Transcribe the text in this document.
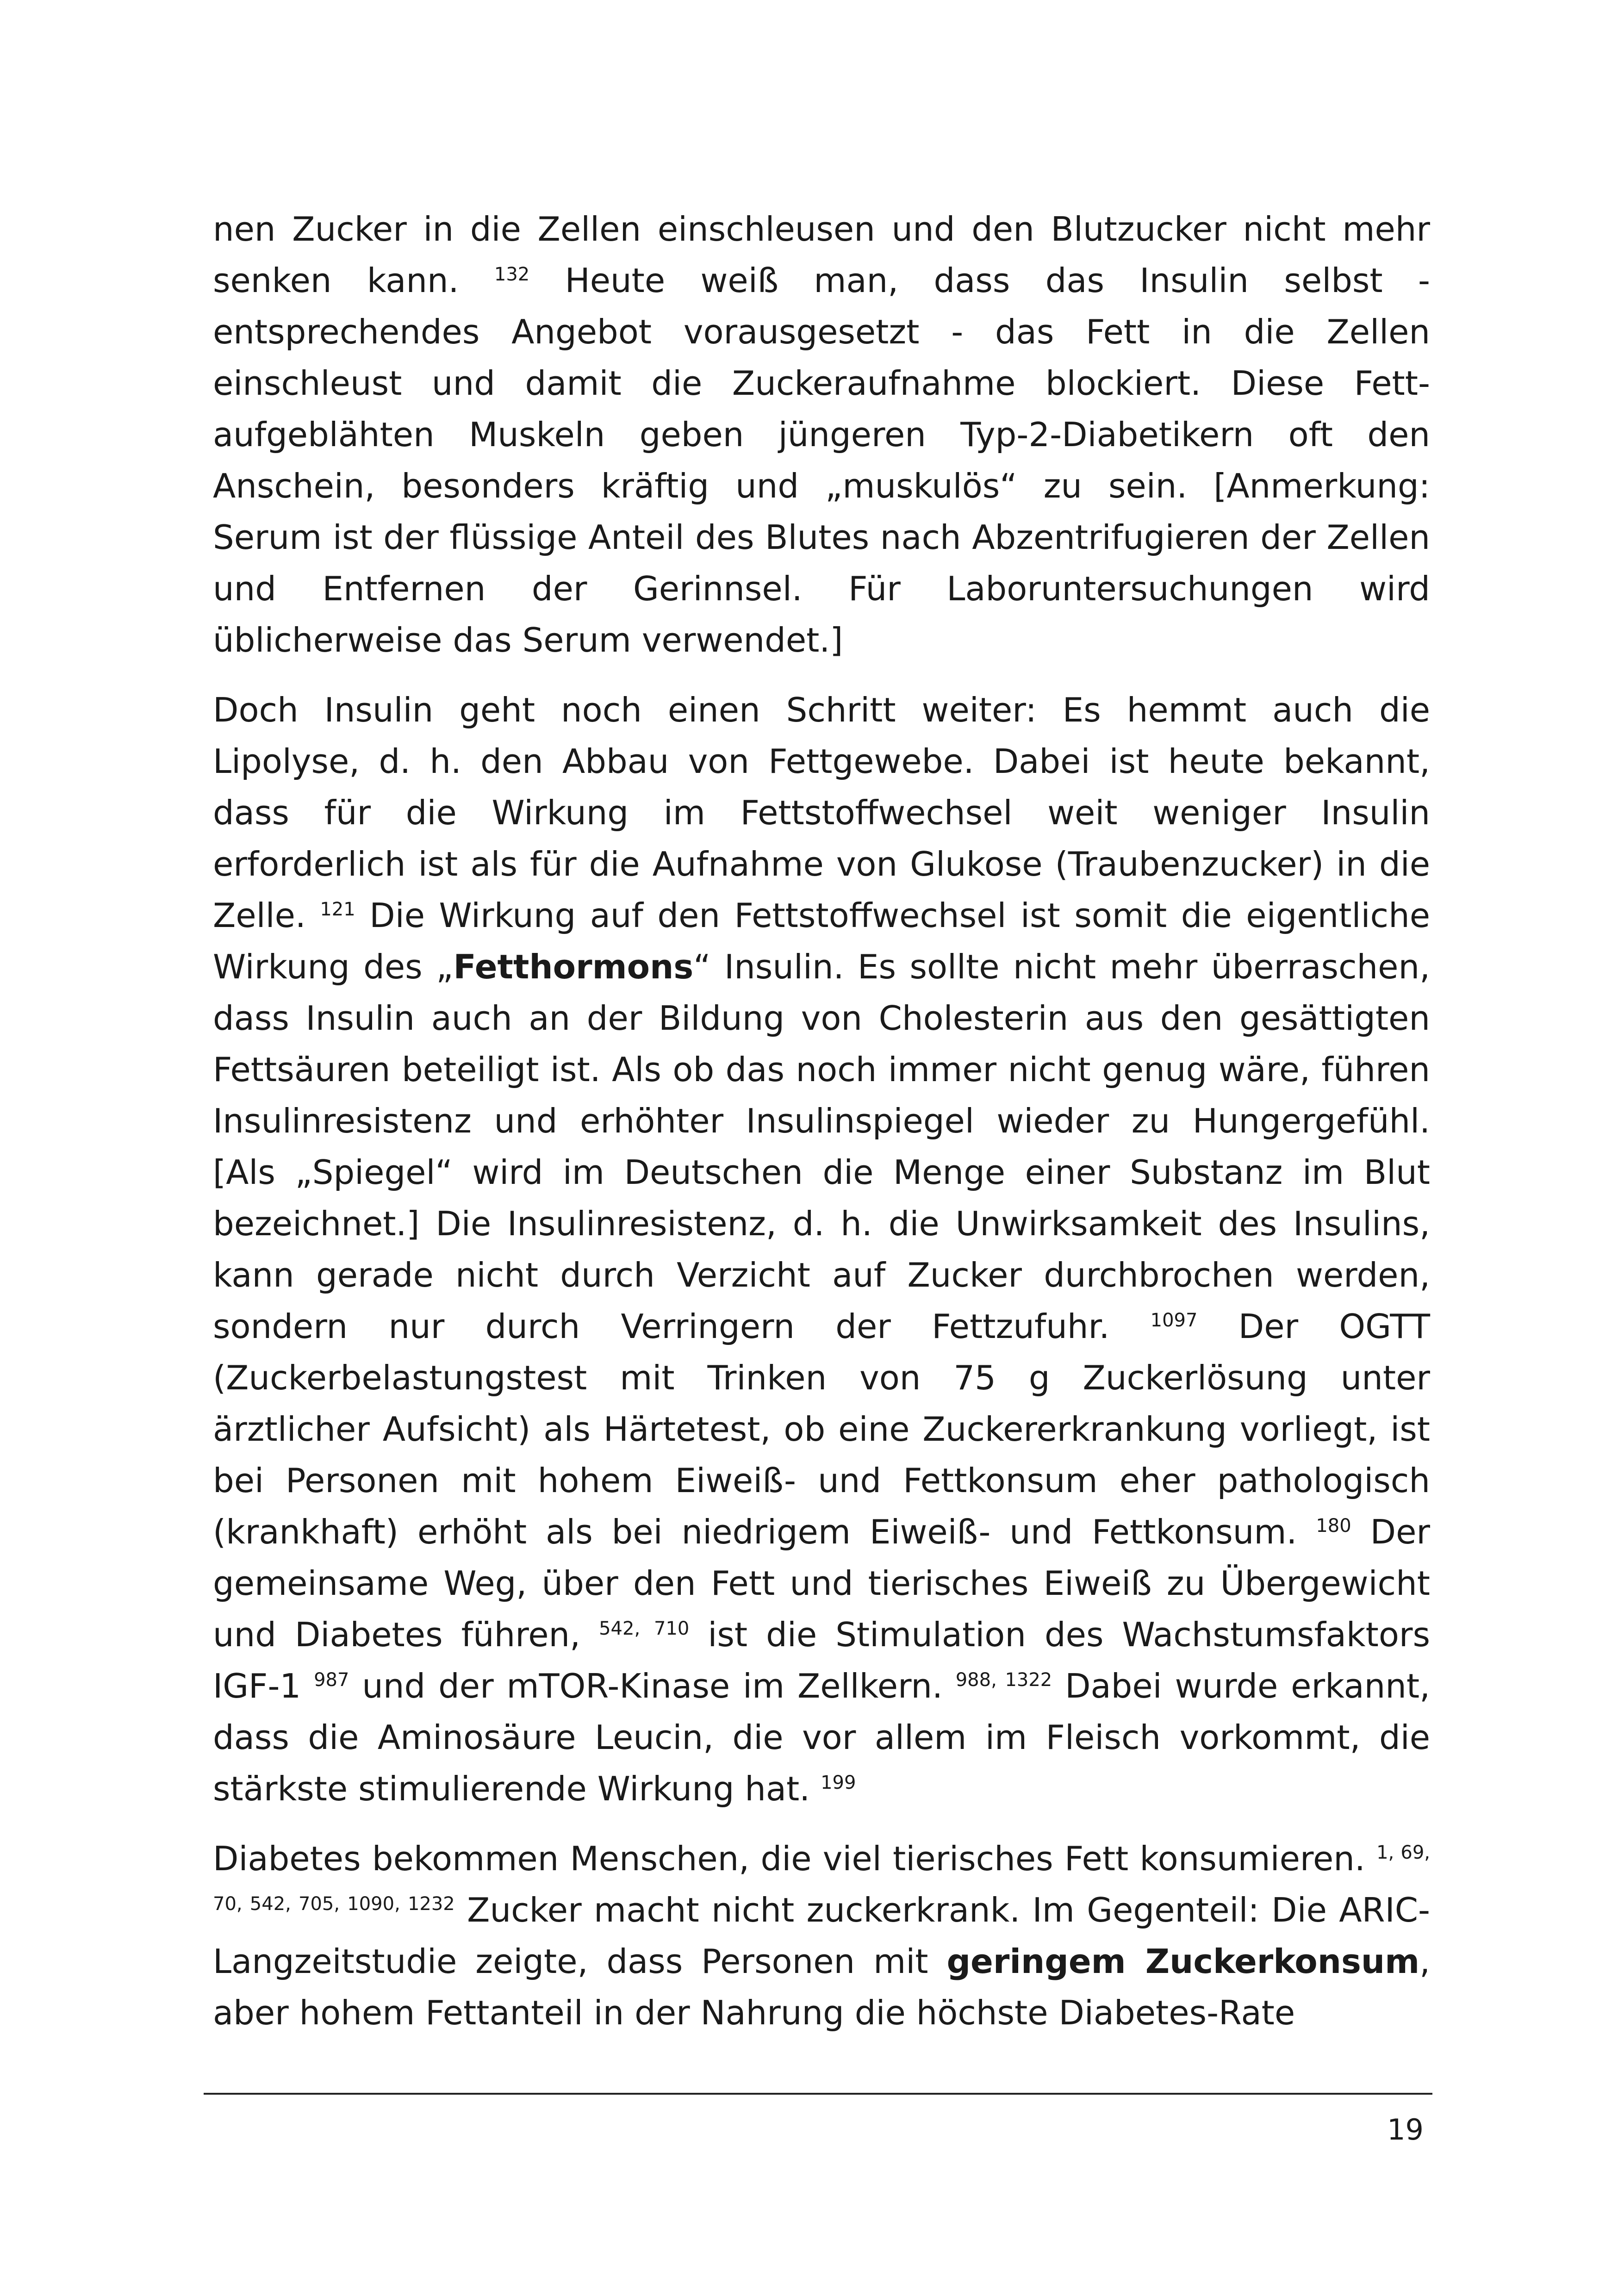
nen Zucker in die Zellen einschleusen und den Blutzucker nicht mehr senken kann. $^{132}$ Heute weiß man, dass das Insulin selbst - entsprechendes Angebot vorausgesetzt - das Fett in die Zellen einschleust und damit die Zuckeraufnahme blockiert. Diese Fett-aufgeblähten Muskeln geben jüngeren Typ-2-Diabetikern oft den Anschein, besonders kräftig und „muskulös“ zu sein. [Anmerkung: Serum ist der flüssige Anteil des Blutes nach Abzentrifugieren der Zellen und Entfernen der Gerinnsel. Für Laboruntersuchungen wird üblicherweise das Serum verwendet.]

Doch Insulin geht noch einen Schritt weiter: Es hemmt auch die Lipolyse, d. h. den Abbau von Fettgewebe. Dabei ist heute bekannt, dass für die Wirkung im Fettstoffwechsel weit weniger Insulin erforderlich ist als für die Aufnahme von Glukose (Traubenzucker) in die Zelle. $^{121}$ Die Wirkung auf den Fettstoffwechsel ist somit die eigentliche Wirkung des „Fetthormons“ Insulin. Es sollte nicht mehr überraschen, dass Insulin auch an der Bildung von Cholesterin aus den gesättigten Fettsäuren beteiligt ist. Als ob das noch immer nicht genug wäre, führen Insulinresistenz und erhöhter Insulinspiegel wieder zu Hungergefühl. [Als „Spiegel“ wird im Deutschen die Menge einer Substanz im Blut bezeichnet.] Die Insulinresistenz, d. h. die Unwirksamkeit des Insulins, kann gerade nicht durch Verzicht auf Zucker durchbrochen werden, sondern nur durch Verringern der Fettzufuhr. $^{1097}$ Der OGTT (Zuckerbelastungstest mit Trinken von 75 g Zuckerlösung unter ärztlicher Aufsicht) als Härtetest, ob eine Zuckererkrankung vorliegt, ist bei Personen mit hohem Eiweiß- und Fettkonsum eher pathologisch (krankhaft) erhöht als bei niedrigem Eiweiß- und Fettkonsum. $^{180}$ Der gemeinsame Weg, über den Fett und tierisches Eiweiß zu Übergewicht und Diabetes führen, $^{542, 710}$ ist die Stimulation des Wachstumsfaktors IGF-1 $^{987}$ und der mTOR-Kinase im Zellkern. $^{988, 1322}$ Dabei wurde erkannt, dass die Aminosäure Leucin, die vor allem im Fleisch vorkommt, die stärkste stimulierende Wirkung hat. $^{199}$

Diabetes bekommen Menschen, die viel tierisches Fett konsumieren. $^{1, 69, 70, 542, 705, 1090, 1232}$ Zucker macht nicht zuckerkrank. Im Gegenteil: Die ARIC-Langzeitstudie zeigte, dass Personen mit geringem Zuckerkonsum, aber hohem Fettanteil in der Nahrung die höchste Diabetes-Rate

19
